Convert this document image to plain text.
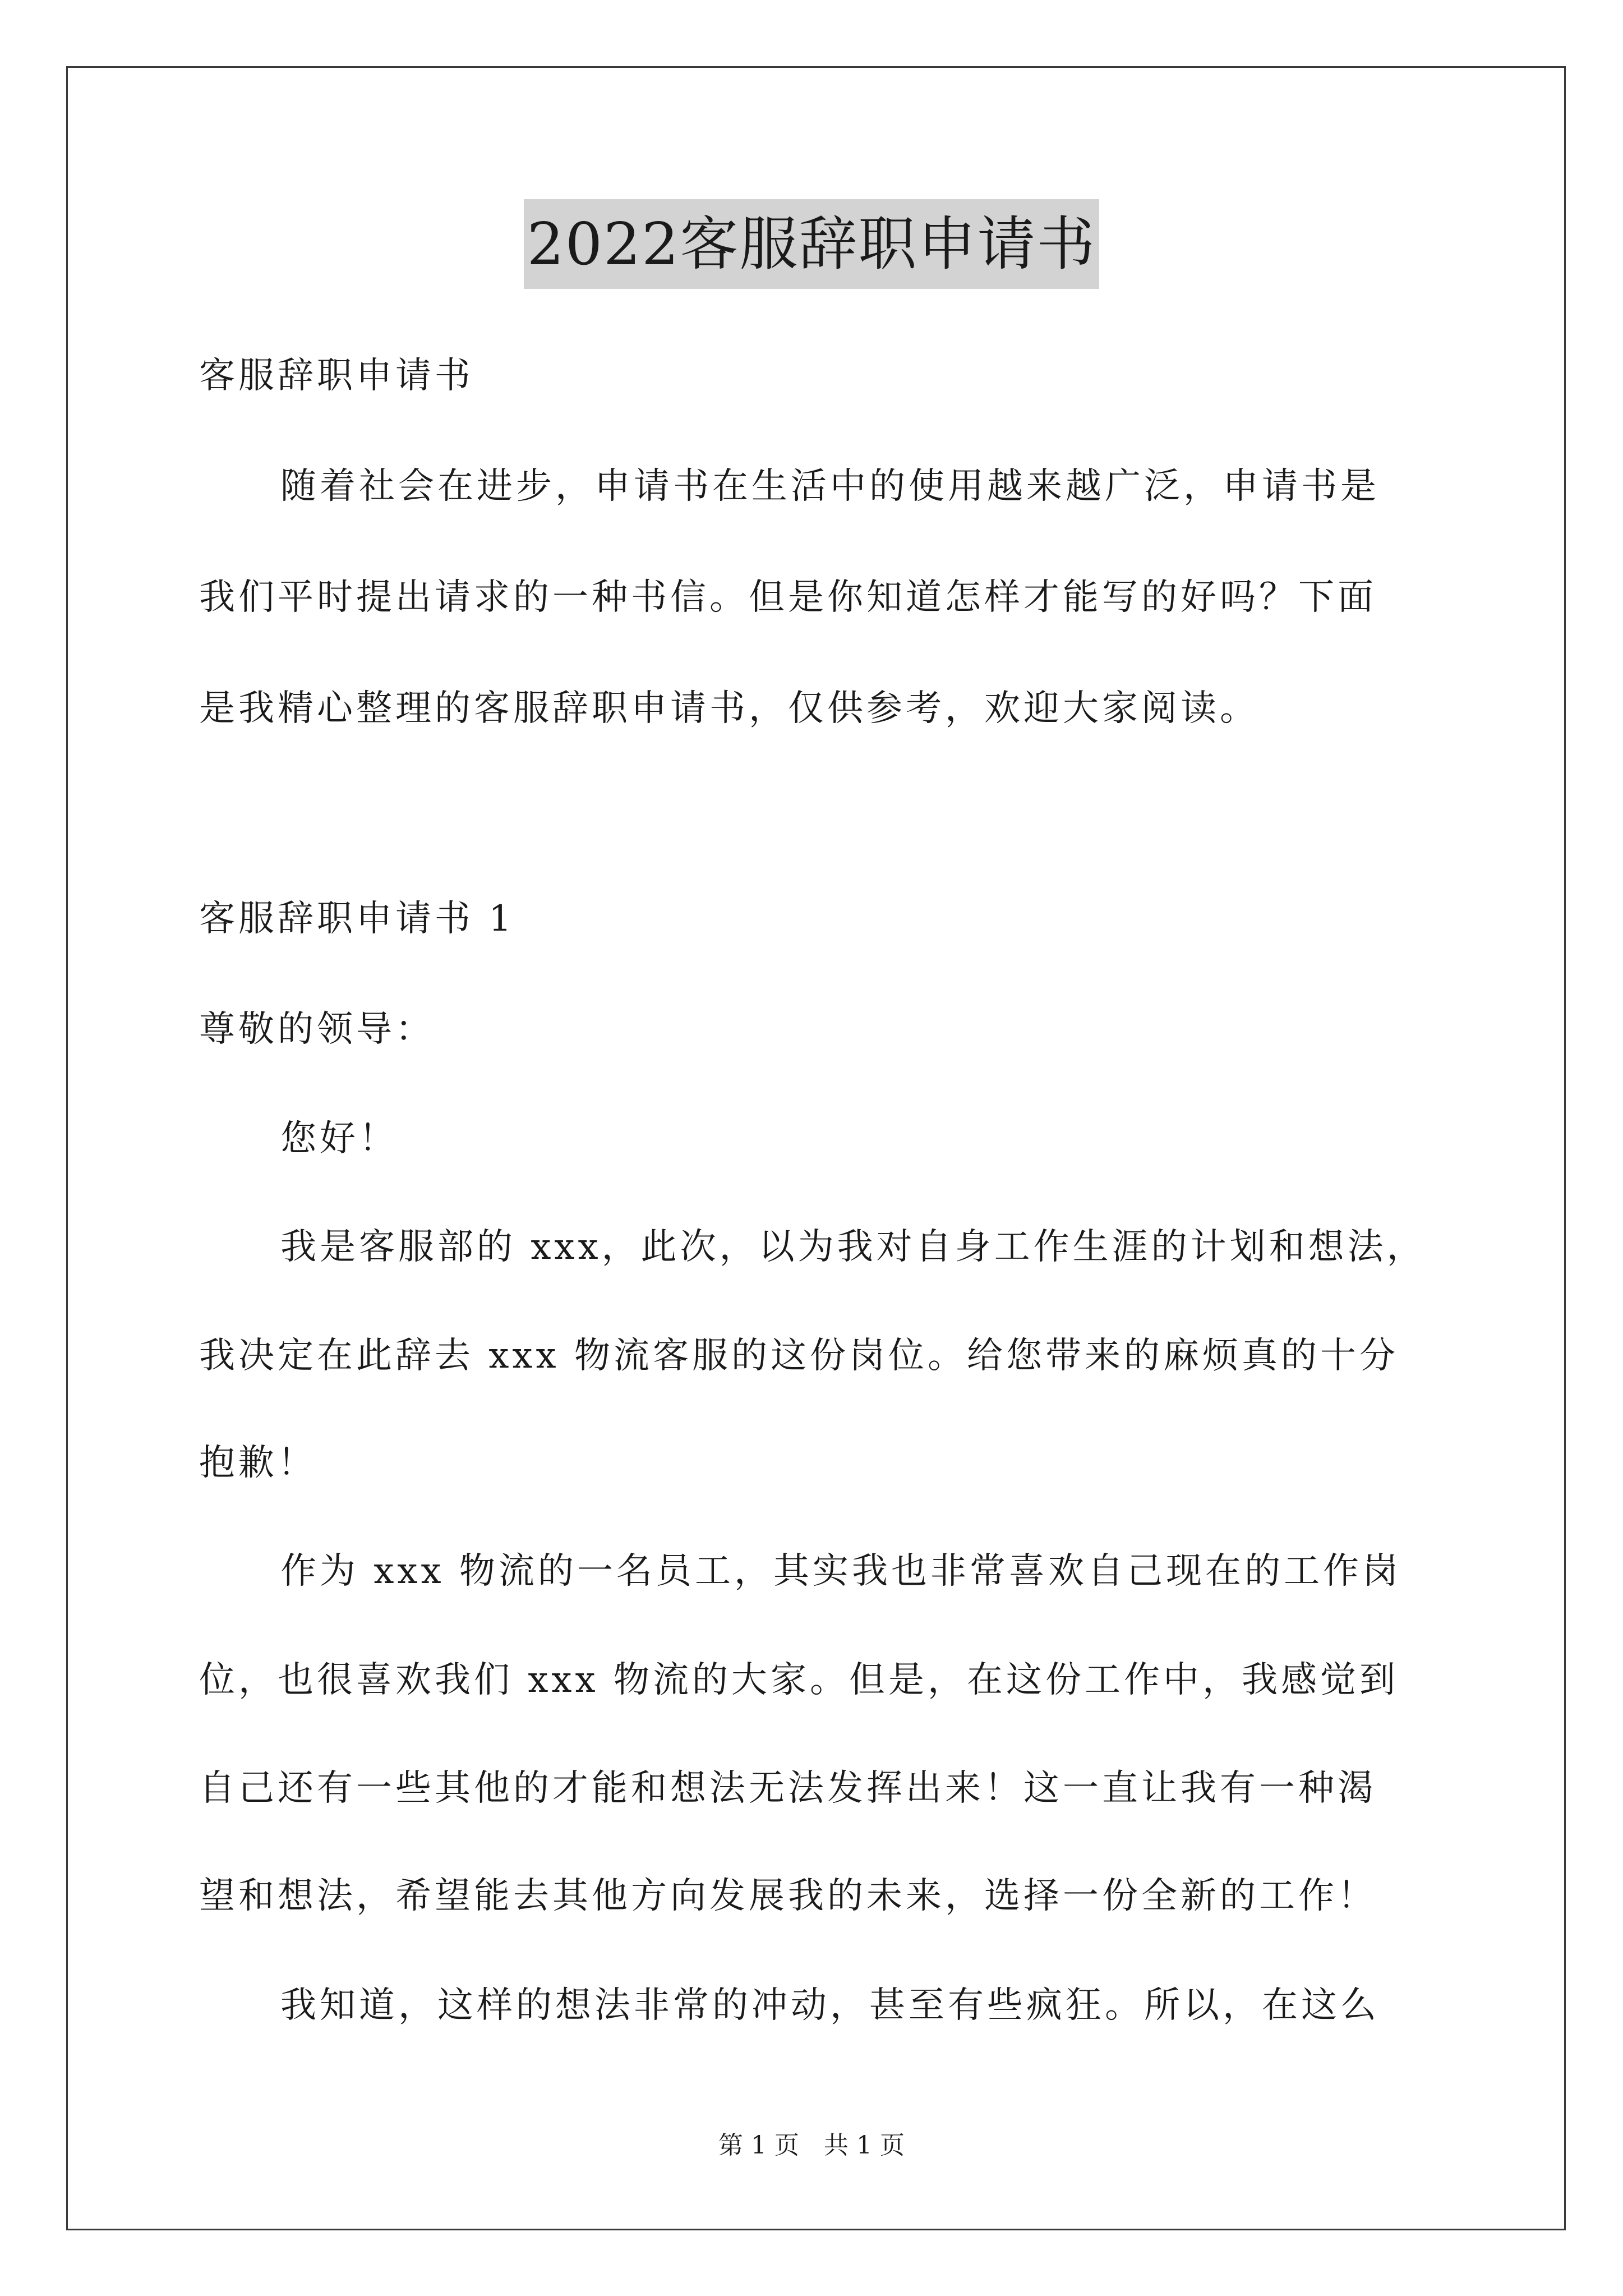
2022客服辞职申请书
客服辞职申请书
随着社会在进步，申请书在生活中的使用越来越广泛，申请书是
我们平时提出请求的一种书信。但是你知道怎样才能写的好吗？下面
是我精心整理的客服辞职申请书，仅供参考，欢迎大家阅读。
客服辞职申请书 1
尊敬的领导：
您好！
我是客服部的 xxx，此次，以为我对自身工作生涯的计划和想法，
我决定在此辞去 xxx 物流客服的这份岗位。给您带来的麻烦真的十分
抱歉！
作为 xxx 物流的一名员工，其实我也非常喜欢自己现在的工作岗
位，也很喜欢我们 xxx 物流的大家。但是，在这份工作中，我感觉到
自己还有一些其他的才能和想法无法发挥出来！这一直让我有一种渴
望和想法，希望能去其他方向发展我的未来，选择一份全新的工作！
我知道，这样的想法非常的冲动，甚至有些疯狂。所以，在这么
第 1 页　共 1 页
